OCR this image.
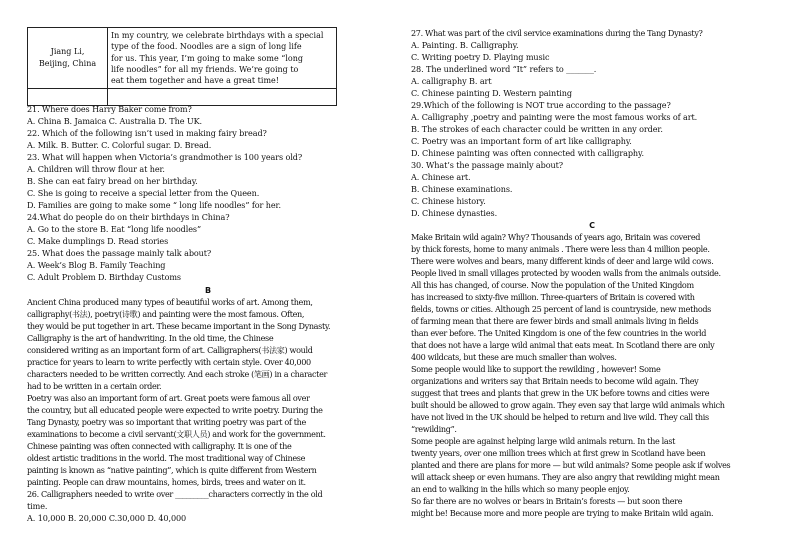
Jiang Li,
Beijing, China	In my country, we celebrate birthdays with a special
type of the food. Noodles are a sign of long life
for us. This year, I’m going to make some “long
life noodles” for all my friends. We’re going to
eat them together and have a great time!

21. Where does Harry Baker come from?
A. China B. Jamaica C. Australia D. The UK.
22. Which of the following isn’t used in making fairy bread?
A. Milk. B. Butter. C. Colorful sugar. D. Bread.
23. What will happen when Victoria’s grandmother is 100 years old?
A. Children will throw flour at her.
B. She can eat fairy bread on her birthday.
C. She is going to receive a special letter from the Queen.
D. Families are going to make some “ long life noodles” for her.
24.What do people do on their birthdays in China?
A. Go to the store B. Eat “long life noodles”
C. Make dumplings D. Read stories
25. What does the passage mainly talk about?
A. Week’s Blog B. Family Teaching
C. Adult Problem D. Birthday Customs
B
Ancient China produced many types of beautiful works of art. Among them,
calligraphy(书法), poetry(诗歌) and painting were the most famous. Often,
they would be put together in art. These became important in the Song Dynasty.
Calligraphy is the art of handwriting. In the old time, the Chinese
considered writing as an important form of art. Calligraphers(书法家) would
practice for years to learn to write perfectly with certain style. Over 40,000
characters needed to be written correctly. And each stroke (笔画) in a character
had to be written in a certain order.
Poetry was also an important form of art. Great poets were famous all over
the country, but all educated people were expected to write poetry. During the
Tang Dynasty, poetry was so important that writing poetry was part of the
examinations to become a civil servant(文职人员) and work for the government.
Chinese painting was often connected with calligraphy. It is one of the
oldest artistic traditions in the world. The most traditional way of Chinese
painting is known as “native painting”, which is quite different from Western
painting. People can draw mountains, homes, birds, trees and water on it.
26. Calligraphers needed to write over _________characters correctly in the old
time.
A. 10,000 B. 20,000 C.30,000 D. 40,000
27. What was part of the civil service examinations during the Tang Dynasty?
A. Painting. B. Calligraphy.
C. Writing poetry D. Playing music
28. The underlined word “It” refers to _______.
A. calligraphy B. art
C. Chinese painting D. Western painting
29.Which of the following is NOT true according to the passage?
A. Calligraphy ,poetry and painting were the most famous works of art.
B. The strokes of each character could be written in any order.
C. Poetry was an important form of art like calligraphy.
D. Chinese painting was often connected with calligraphy.
30. What’s the passage mainly about?
A. Chinese art.
B. Chinese examinations.
C. Chinese history.
D. Chinese dynasties.
C
Make Britain wild again? Why? Thousands of years ago, Britain was covered
by thick forests, home to many animals . There were less than 4 million people.
There were wolves and bears, many different kinds of deer and large wild cows.
People lived in small villages protected by wooden walls from the animals outside.
All this has changed, of course. Now the population of the United Kingdom
has increased to sixty-five million. Three-quarters of Britain is covered with
fields, towns or cities. Although 25 percent of land is countryside, new methods
of farming mean that there are fewer birds and small animals living in fields
than ever before. The United Kingdom is one of the few countries in the world
that does not have a large wild animal that eats meat. In Scotland there are only
400 wildcats, but these are much smaller than wolves.
Some people would like to support the rewilding , however! Some
organizations and writers say that Britain needs to become wild again. They
suggest that trees and plants that grew in the UK before towns and cities were
built should be allowed to grow again. They even say that large wild animals which
have not lived in the UK should be helped to return and live wild. They call this
“rewilding”.
Some people are against helping large wild animals return. In the last
twenty years, over one million trees which at first grew in Scotland have been
planted and there are plans for more — but wild animals? Some people ask if wolves
will attack sheep or even humans. They are also angry that rewilding might mean
an end to walking in the hills which so many people enjoy.
So far there are no wolves or bears in Britain’s forests — but soon there
might be! Because more and more people are trying to make Britain wild again.
